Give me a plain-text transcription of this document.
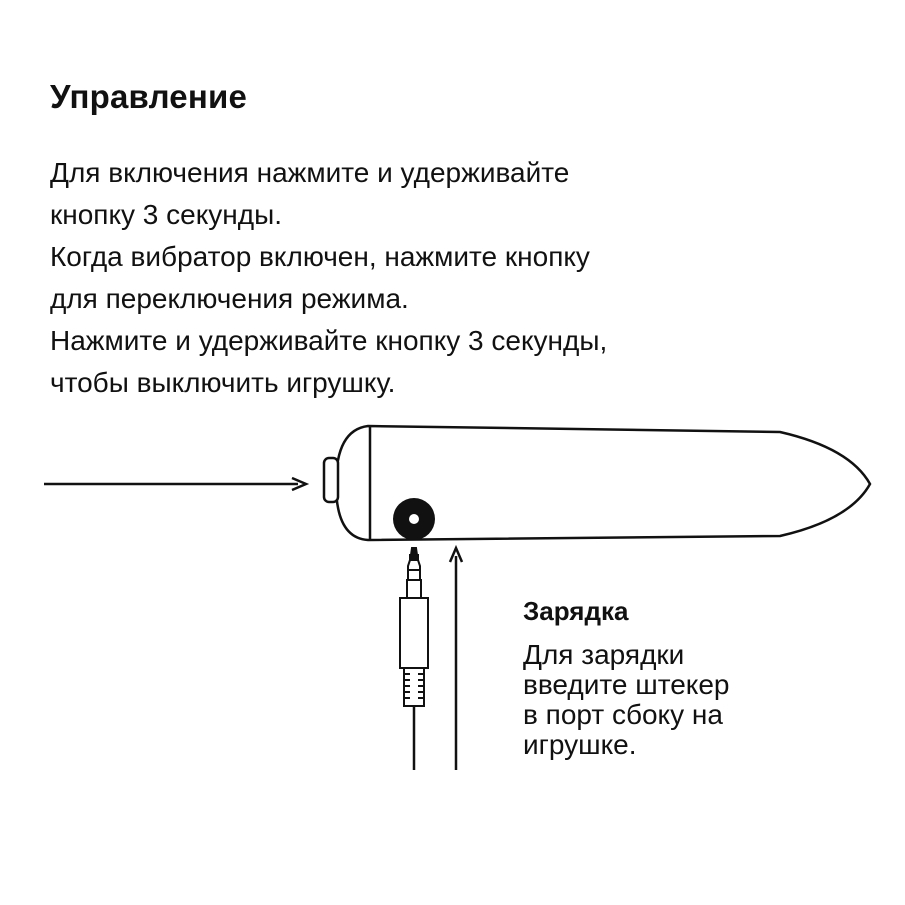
Управление
Для включения нажмите и удерживайте
кнопку 3 секунды.
Когда вибратор включен, нажмите кнопку
для переключения режима.
Нажмите и удерживайте кнопку 3 секунды,
чтобы выключить игрушку.
Зарядка
Для зарядки
введите штекер
в порт сбоку на
игрушке.
